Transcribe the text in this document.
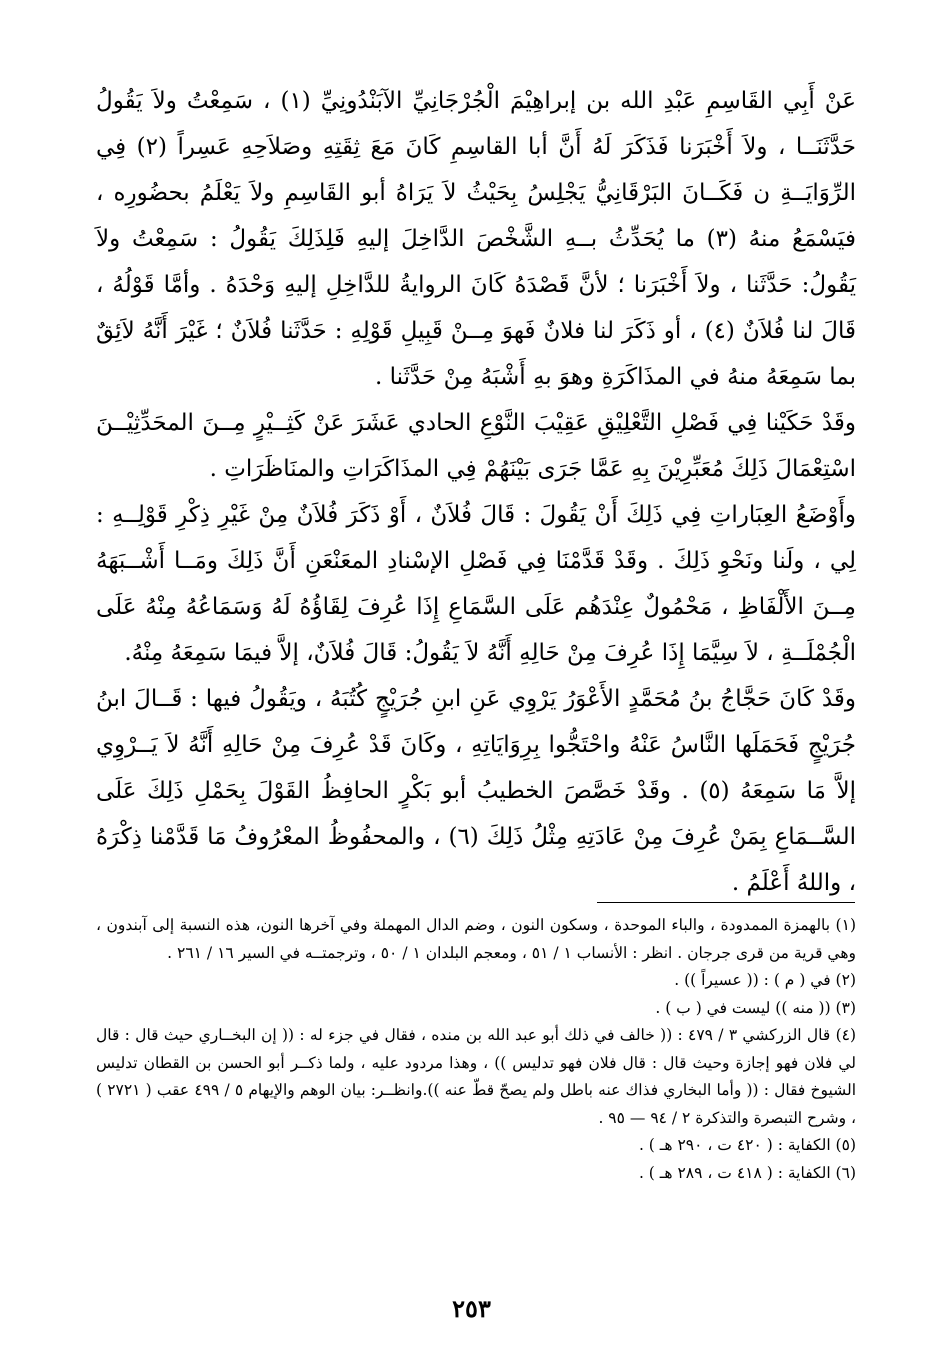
عَنْ أَبِي القَاسِمِ عَبْدِ الله بن إبراهِيْمَ الْجُرْجَانِيِّ الآبَنْدُونِيِّ (١) ، سَمِعْتُ ولاَ يَقُولُ حَدَّثَنَــا ، ولاَ أَخْبَرَنا فَذَكَرَ لَهُ أَنَّ أبا القاسِمِ كَانَ مَعَ ثِقَتِهِ وصَلاَحِهِ عَسِراً (٢) فِي الرِّوَايَــةِ ن فَكَــانَ البَرْقَانِيُّ يَجْلِسُ بِحَيْثُ لاَ يَرَاهُ أبو القَاسِمِ ولاَ يَعْلَمُ بحضُورِه ، فيَسْمَعُ منهُ (٣) ما يُحَدِّثُ بــهِ الشَّخْصَ الدَّاخِلَ إليهِ فَلِذَلِكَ يَقُولُ : سَمِعْتُ ولاَ يَقُولُ: حَدَّثَنا ، ولاَ أَخْبَرَنا ؛ لأنَّ قَصْدَهُ كَانَ الروايةُ للدَّاخِلِ إليهِ وَحْدَهُ . وأمَّا قَوْلُهُ ، قَالَ لنا فُلاَنٌ (٤) ، أو ذَكَرَ لنا فلانٌ فَهوَ مِــنْ قَبِيلِ قَوْلِهِ : حَدَّثَنا فُلاَنٌ ؛ غَيْرَ أَنَّهُ لاَئِقٌ بما سَمِعَهُ منهُ في المذَاكَرَةِ وهوَ بهِ أَشْبَهُ مِنْ حَدَّثَنا .

وقَدْ حَكَيْنا فِي فَصْلِ التَّعْلِيْقِ عَقِيْبَ النَّوْعِ الحادي عَشَرَ عَنْ كَثِــيْرٍ مِــنَ المحَدِّثِيْــنَ اسْتِعْمَالَ ذَلِكَ مُعَبِّرِيْنَ بِهِ عَمَّا جَرَى بَيْنَهُمْ فِي المذَاكَرَاتِ والمنَاظَرَاتِ .

وأَوْضَعُ العِبَاراتِ فِي ذَلِكَ أَنْ يَقُولَ : قَالَ فُلاَنٌ ، أَوْ ذَكَرَ فُلاَنٌ مِنْ غَيْرِ ذِكْرِ قَوْلِــهِ : لِي ، ولَنا ونَحْوِ ذَلِكَ . وقَدْ قَدَّمْنَا فِي فَصْلِ الإسْنادِ المعَنْعَنِ أَنَّ ذَلِكَ ومَــا أَشْــبَهَهُ مِــنَ الأَلْفَاظِ ، مَحْمُولٌ عِنْدَهُم عَلَى السَّمَاعِ إِذَا عُرِفَ لِقَاؤُهُ لَهُ وَسَمَاعُهُ مِنْهُ عَلَى الْجُمْلَــةِ ، لاَ سِيَّمَا إِذَا عُرِفَ مِنْ حَالِهِ أَنَّهُ لاَ يَقُولُ: قَالَ فُلاَنٌ، إلاَّ فيمَا سَمِعَهُ مِنْهُ.

وقَدْ كَانَ حَجَّاجُ بنُ مُحَمَّدٍ الأَعْوَرُ يَرْوِي عَنِ ابنِ جُرَيْجٍ كُتُبَهُ ، ويَقُولُ فيها : قَــالَ ابنُ جُرَيْجٍ فَحَمَلَها النَّاسُ عَنْهُ واحْتَجُّوا بِرِوَايَاتِهِ ، وكَانَ قَدْ عُرِفَ مِنْ حَالِهِ أَنَّهُ لاَ يَــرْوِي إلاَّ مَا سَمِعَهُ (٥) . وقَدْ خَصَّصَ الخطيبُ أبو بَكْرٍ الحافِظُ القَوْلَ بِحَمْلِ ذَلِكَ عَلَى السَّــمَاعِ بِمَنْ عُرِفَ مِنْ عَادَتِهِ مِثْلُ ذَلِكَ (٦) ، والمحفُوظُ المعْرُوفُ مَا قَدَّمْنا ذِكْرَهُ ، واللهُ أَعْلَمُ .

(١) بالهمزة الممدودة ، والباء الموحدة ، وسكون النون ، وضم الدال المهملة وفي آخرها النون، هذه النسبة إلى آبندون ، وهي قرية من قرى جرجان . انظر : الأنساب ١ / ٥١ ، ومعجم البلدان ١ / ٥٠ ، وترجمتــه في السير ١٦ / ٢٦١ .

(٢) في ( م ) : (( عسيراً )) .

(٣) (( منه )) ليست في ( ب ) .

(٤) قال الزركشي ٣ / ٤٧٩ : (( خالف في ذلك أبو عبد الله بن منده ، فقال في جزء له : (( إن البخــاري حيث قال : قال لي فلان فهو إجازة وحيث قال : قال فلان فهو تدليس )) ، وهذا مردود عليه ، ولما ذكــر أبو الحسن بن القطان تدليس الشيوخ فقال : (( وأما البخاري فذاك عنه باطل ولم يصحّ قطّ عنه )).وانظــر: بيان الوهم والإيهام ٥ / ٤٩٩ عقب ( ٢٧٢١ ) ، وشرح التبصرة والتذكرة ٢ / ٩٤ — ٩٥ .

(٥) الكفاية : ( ٤٢٠ ت ، ٢٩٠ هـ ) .

(٦) الكفاية : ( ٤١٨ ت ، ٢٨٩ هـ ) .

٢٥٣
